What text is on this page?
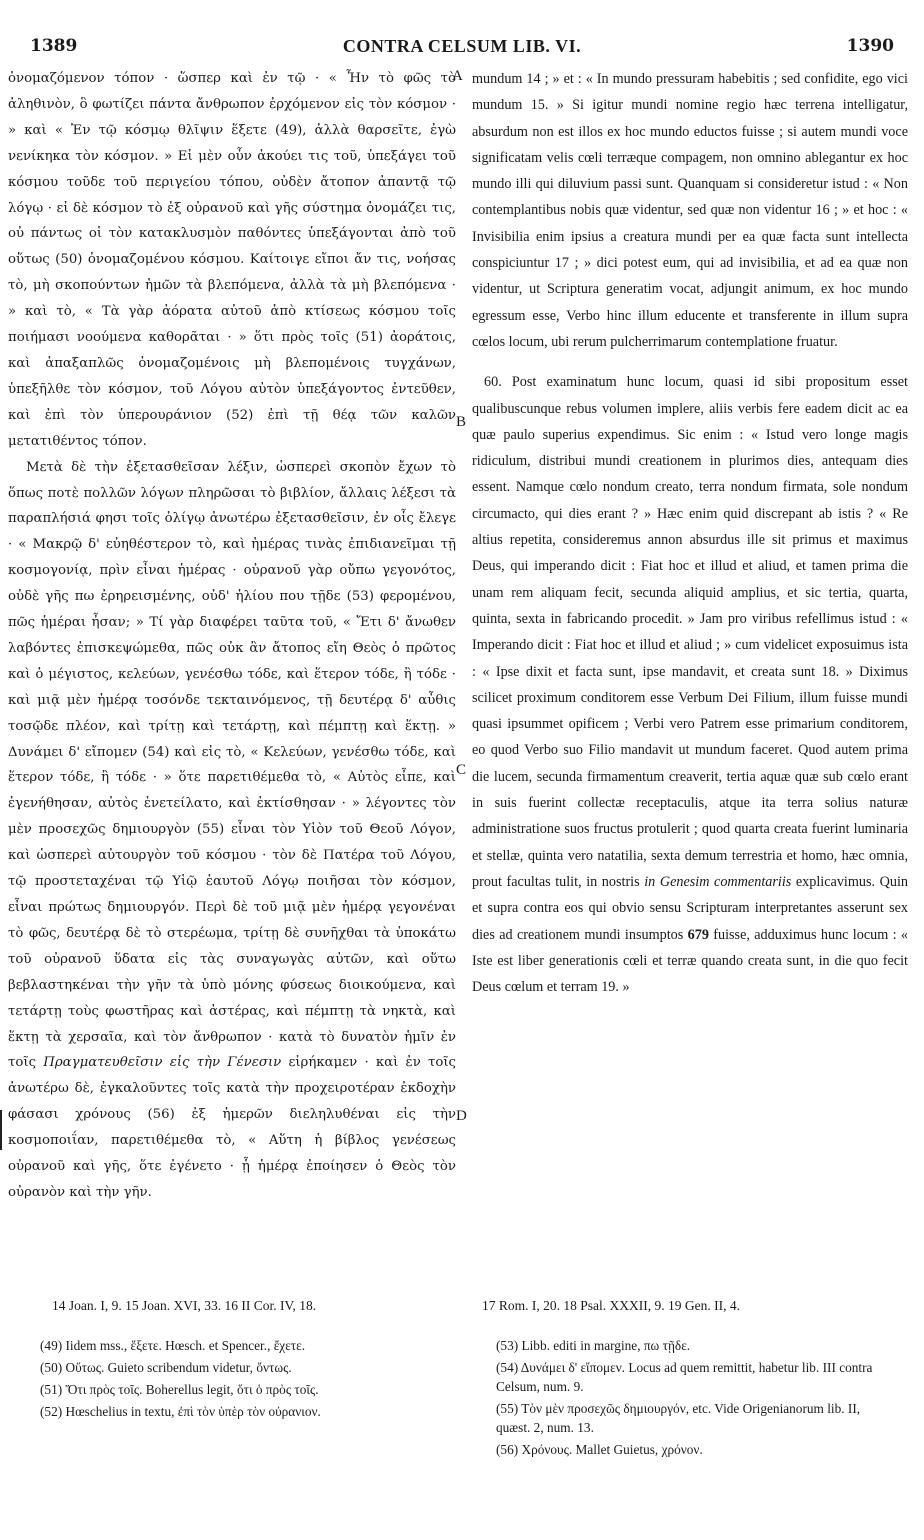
1389	CONTRA CELSUM LIB. VI.	1390

ὀνομαζόμενον τόπον · ὥσπερ καὶ ἐν τῷ · « Ἦν τὸ φῶς τὸ ἀληθινὸν, ὃ φωτίζει πάντα ἄνθρωπον ἐρχόμενον εἰς τὸν κόσμον · » καὶ « Ἐν τῷ κόσμῳ θλῖψιν ἕξετε (49), ἀλλὰ θαρσεῖτε, ἐγὼ νενίκηκα τὸν κόσμον. » Εἰ μὲν οὖν ἀκούει τις τοῦ, ὑπεξάγει τοῦ κόσμου τοῦδε τοῦ περιγείου τόπου, οὐδὲν ἄτοπον ἀπαντᾷ τῷ λόγῳ · εἰ δὲ κόσμον τὸ ἐξ οὐρανοῦ καὶ γῆς σύστημα ὀνομάζει τις, οὐ πάντως οἱ τὸν κατακλυσμὸν παθόντες ὑπεξάγονται ἀπὸ τοῦ οὕτως (50) ὀνομαζομένου κόσμου. Καίτοιγε εἴποι ἄν τις, νοήσας τὸ, μὴ σκοπούντων ἡμῶν τὰ βλεπόμενα, ἀλλὰ τὰ μὴ βλεπόμενα · » καὶ τὸ, « Τὰ γὰρ ἀόρατα αὐτοῦ ἀπὸ κτίσεως κόσμου τοῖς ποιήμασι νοούμενα καθορᾶται · » ὅτι πρὸς τοῖς (51) ἀοράτοις, καὶ ἁπαξαπλῶς ὀνομαζομένοις μὴ βλεπομένοις τυγχάνων, ὑπεξῆλθε τὸν κόσμον, τοῦ Λόγου αὐτὸν ὑπεξάγοντος ἐντεῦθεν, καὶ ἐπὶ τὸν ὑπερουράνιον (52) ἐπὶ τῇ θέᾳ τῶν καλῶν μετατιθέντος τόπον.

Μετὰ δὲ τὴν ἐξετασθεῖσαν λέξιν, ὡσπερεὶ σκοπὸν ἔχων τὸ ὅπως ποτὲ πολλῶν λόγων πληρῶσαι τὸ βιβλίον, ἄλλαις λέξεσι τὰ παραπλήσιά φησι τοῖς ὀλίγῳ ἀνωτέρω ἐξετασθεῖσιν, ἐν οἷς ἔλεγε · « Μακρῷ δ' εὐηθέστερον τὸ, καὶ ἡμέρας τινὰς ἐπιδιανεῖμαι τῇ κοσμογονίᾳ, πρὶν εἶναι ἡμέρας · οὐρανοῦ γὰρ οὔπω γεγονότος, οὐδὲ γῆς πω ἐρηρεισμένης, οὐδ' ἡλίου που τῇδε (53) φερομένου, πῶς ἡμέραι ἦσαν; » Τί γὰρ διαφέρει ταῦτα τοῦ, « Ἔτι δ' ἄνωθεν λαβόντες ἐπισκεψώμεθα, πῶς οὐκ ἂν ἄτοπος εἴη Θεὸς ὁ πρῶτος καὶ ὁ μέγιστος, κελεύων, γενέσθω τόδε, καὶ ἕτερον τόδε, ἢ τόδε · καὶ μιᾷ μὲν ἡμέρᾳ τοσόνδε τεκταινόμενος, τῇ δευτέρᾳ δ' αὖθις τοσῷδε πλέον, καὶ τρίτῃ καὶ τετάρτῃ, καὶ πέμπτῃ καὶ ἕκτῃ. » Δυνάμει δ' εἴπομεν (54) καὶ εἰς τὸ, « Κελεύων, γενέσθω τόδε, καὶ ἕτερον τόδε, ἢ τόδε · » ὅτε παρετιθέμεθα τὸ, « Αὐτὸς εἶπε, καὶ ἐγενήθησαν, αὐτὸς ἐνετείλατο, καὶ ἐκτίσθησαν · » λέγοντες τὸν μὲν προσεχῶς δημιουργὸν (55) εἶναι τὸν Υἱὸν τοῦ Θεοῦ Λόγον, καὶ ὡσπερεὶ αὐτουργὸν τοῦ κόσμου · τὸν δὲ Πατέρα τοῦ Λόγου, τῷ προστεταχέναι τῷ Υἱῷ ἑαυτοῦ Λόγῳ ποιῆσαι τὸν κόσμον, εἶναι πρώτως δημιουργόν. Περὶ δὲ τοῦ μιᾷ μὲν ἡμέρᾳ γεγονέναι τὸ φῶς, δευτέρᾳ δὲ τὸ στερέωμα, τρίτῃ δὲ συνῆχθαι τὰ ὑποκάτω τοῦ οὐρανοῦ ὕδατα εἰς τὰς συναγωγὰς αὐτῶν, καὶ οὕτω βεβλαστηκέναι τὴν γῆν τὰ ὑπὸ μόνης φύσεως διοικούμενα, καὶ τετάρτῃ τοὺς φωστῆρας καὶ ἀστέρας, καὶ πέμπτῃ τὰ νηκτὰ, καὶ ἕκτῃ τὰ χερσαῖα, καὶ τὸν ἄνθρωπον · κατὰ τὸ δυνατὸν ἡμῖν ἐν τοῖς Πραγματευθεῖσιν εἰς τὴν Γένεσιν εἰρήκαμεν · καὶ ἐν τοῖς ἀνωτέρω δὲ, ἐγκαλοῦντες τοῖς κατὰ τὴν προχειροτέραν ἐκδοχὴν φάσασι χρόνους (56) ἐξ ἡμερῶν διεληλυθέναι εἰς τὴν κοσμοποιΐαν, παρετιθέμεθα τὸ, « Αὕτη ἡ βίβλος γενέσεως οὐρανοῦ καὶ γῆς, ὅτε ἐγένετο · ᾗ ἡμέρᾳ ἐποίησεν ὁ Θεὸς τὸν οὐρανὸν καὶ τὴν γῆν.

mundum 14 ; » et : « In mundo pressuram habebitis ; sed confidite, ego vici mundum 15. » Si igitur mundi nomine regio hæc terrena intelligatur, absurdum non est illos ex hoc mundo eductos fuisse ; si autem mundi voce significatam velis cœli terræque compagem, non omnino ablegantur ex hoc mundo illi qui diluvium passi sunt. Quanquam si consideretur istud : « Non contemplantibus nobis quæ videntur, sed quæ non videntur 16 ; » et hoc : « Invisibilia enim ipsius a creatura mundi per ea quæ facta sunt intellecta conspiciuntur 17 ; » dici potest eum, qui ad invisibilia, et ad ea quæ non videntur, ut Scriptura generatim vocat, adjungit animum, ex hoc mundo egressum esse, Verbo hinc illum educente et transferente in illum supra cœlos locum, ubi rerum pulcherrimarum contemplatione fruatur.

60. Post examinatum hunc locum, quasi id sibi propositum esset qualibuscunque rebus volumen implere, aliis verbis fere eadem dicit ac ea quæ paulo superius expendimus. Sic enim : « Istud vero longe magis ridiculum, distribui mundi creationem in plurimos dies, antequam dies essent. Namque cœlo nondum creato, terra nondum firmata, sole nondum circumacto, qui dies erant ? » Hæc enim quid discrepant ab istis ? « Re altius repetita, consideremus annon absurdus ille sit primus et maximus Deus, qui imperando dicit : Fiat hoc et illud et aliud, et tamen prima die unam rem aliquam fecit, secunda aliquid amplius, et sic tertia, quarta, quinta, sexta in fabricando procedit. » Jam pro viribus refellimus istud : « Imperando dicit : Fiat hoc et illud et aliud ; » cum videlicet exposuimus ista : « Ipse dixit et facta sunt, ipse mandavit, et creata sunt 18. » Diximus scilicet proximum conditorem esse Verbum Dei Filium, illum fuisse mundi quasi ipsummet opificem ; Verbi vero Patrem esse primarium conditorem, eo quod Verbo suo Filio mandavit ut mundum faceret. Quod autem prima die lucem, secunda firmamentum creaverit, tertia aquæ quæ sub cœlo erant in suis fuerint collectæ receptaculis, atque ita terra solius naturæ administratione suos fructus protulerit ; quod quarta creata fuerint luminaria et stellæ, quinta vero natatilia, sexta demum terrestria et homo, hæc omnia, prout facultas tulit, in nostris in Genesim commentariis explicavimus. Quin et supra contra eos qui obvio sensu Scripturam interpretantes asserunt sex dies ad creationem mundi insumptos 679 fuisse, adduximus hunc locum : « Iste est liber generationis cœli et terræ quando creata sunt, in die quo fecit Deus cœlum et terram 19. »

A
B
C
D
14 Joan. I, 9. 15 Joan. XVI, 33. 16 II Cor. IV, 18.	17 Rom. I, 20. 18 Psal. XXXII, 9. 19 Gen. II, 4.

(49) Iidem mss., ἕξετε. Hœsch. et Spencer., ἔχετε.

(50) Οὕτως. Guieto scribendum videtur, ὄντως.

(51) Ὅτι πρὸς τοῖς. Boherellus legit, ὅτι ὁ πρὸς τοῖς.

(52) Hœschelius in textu, ἐπὶ τὸν ὑπὲρ τὸν οὐρανιον.

(53) Libb. editi in margine, πω τῇδε.

(54) Δυνάμει δ' εἴπομεν. Locus ad quem remittit, habetur lib. III contra Celsum, num. 9.

(55) Τὸν μὲν προσεχῶς δημιουργόν, etc. Vide Origenianorum lib. II, quæst. 2, num. 13.

(56) Χρόνους. Mallet Guietus, χρόνον.
